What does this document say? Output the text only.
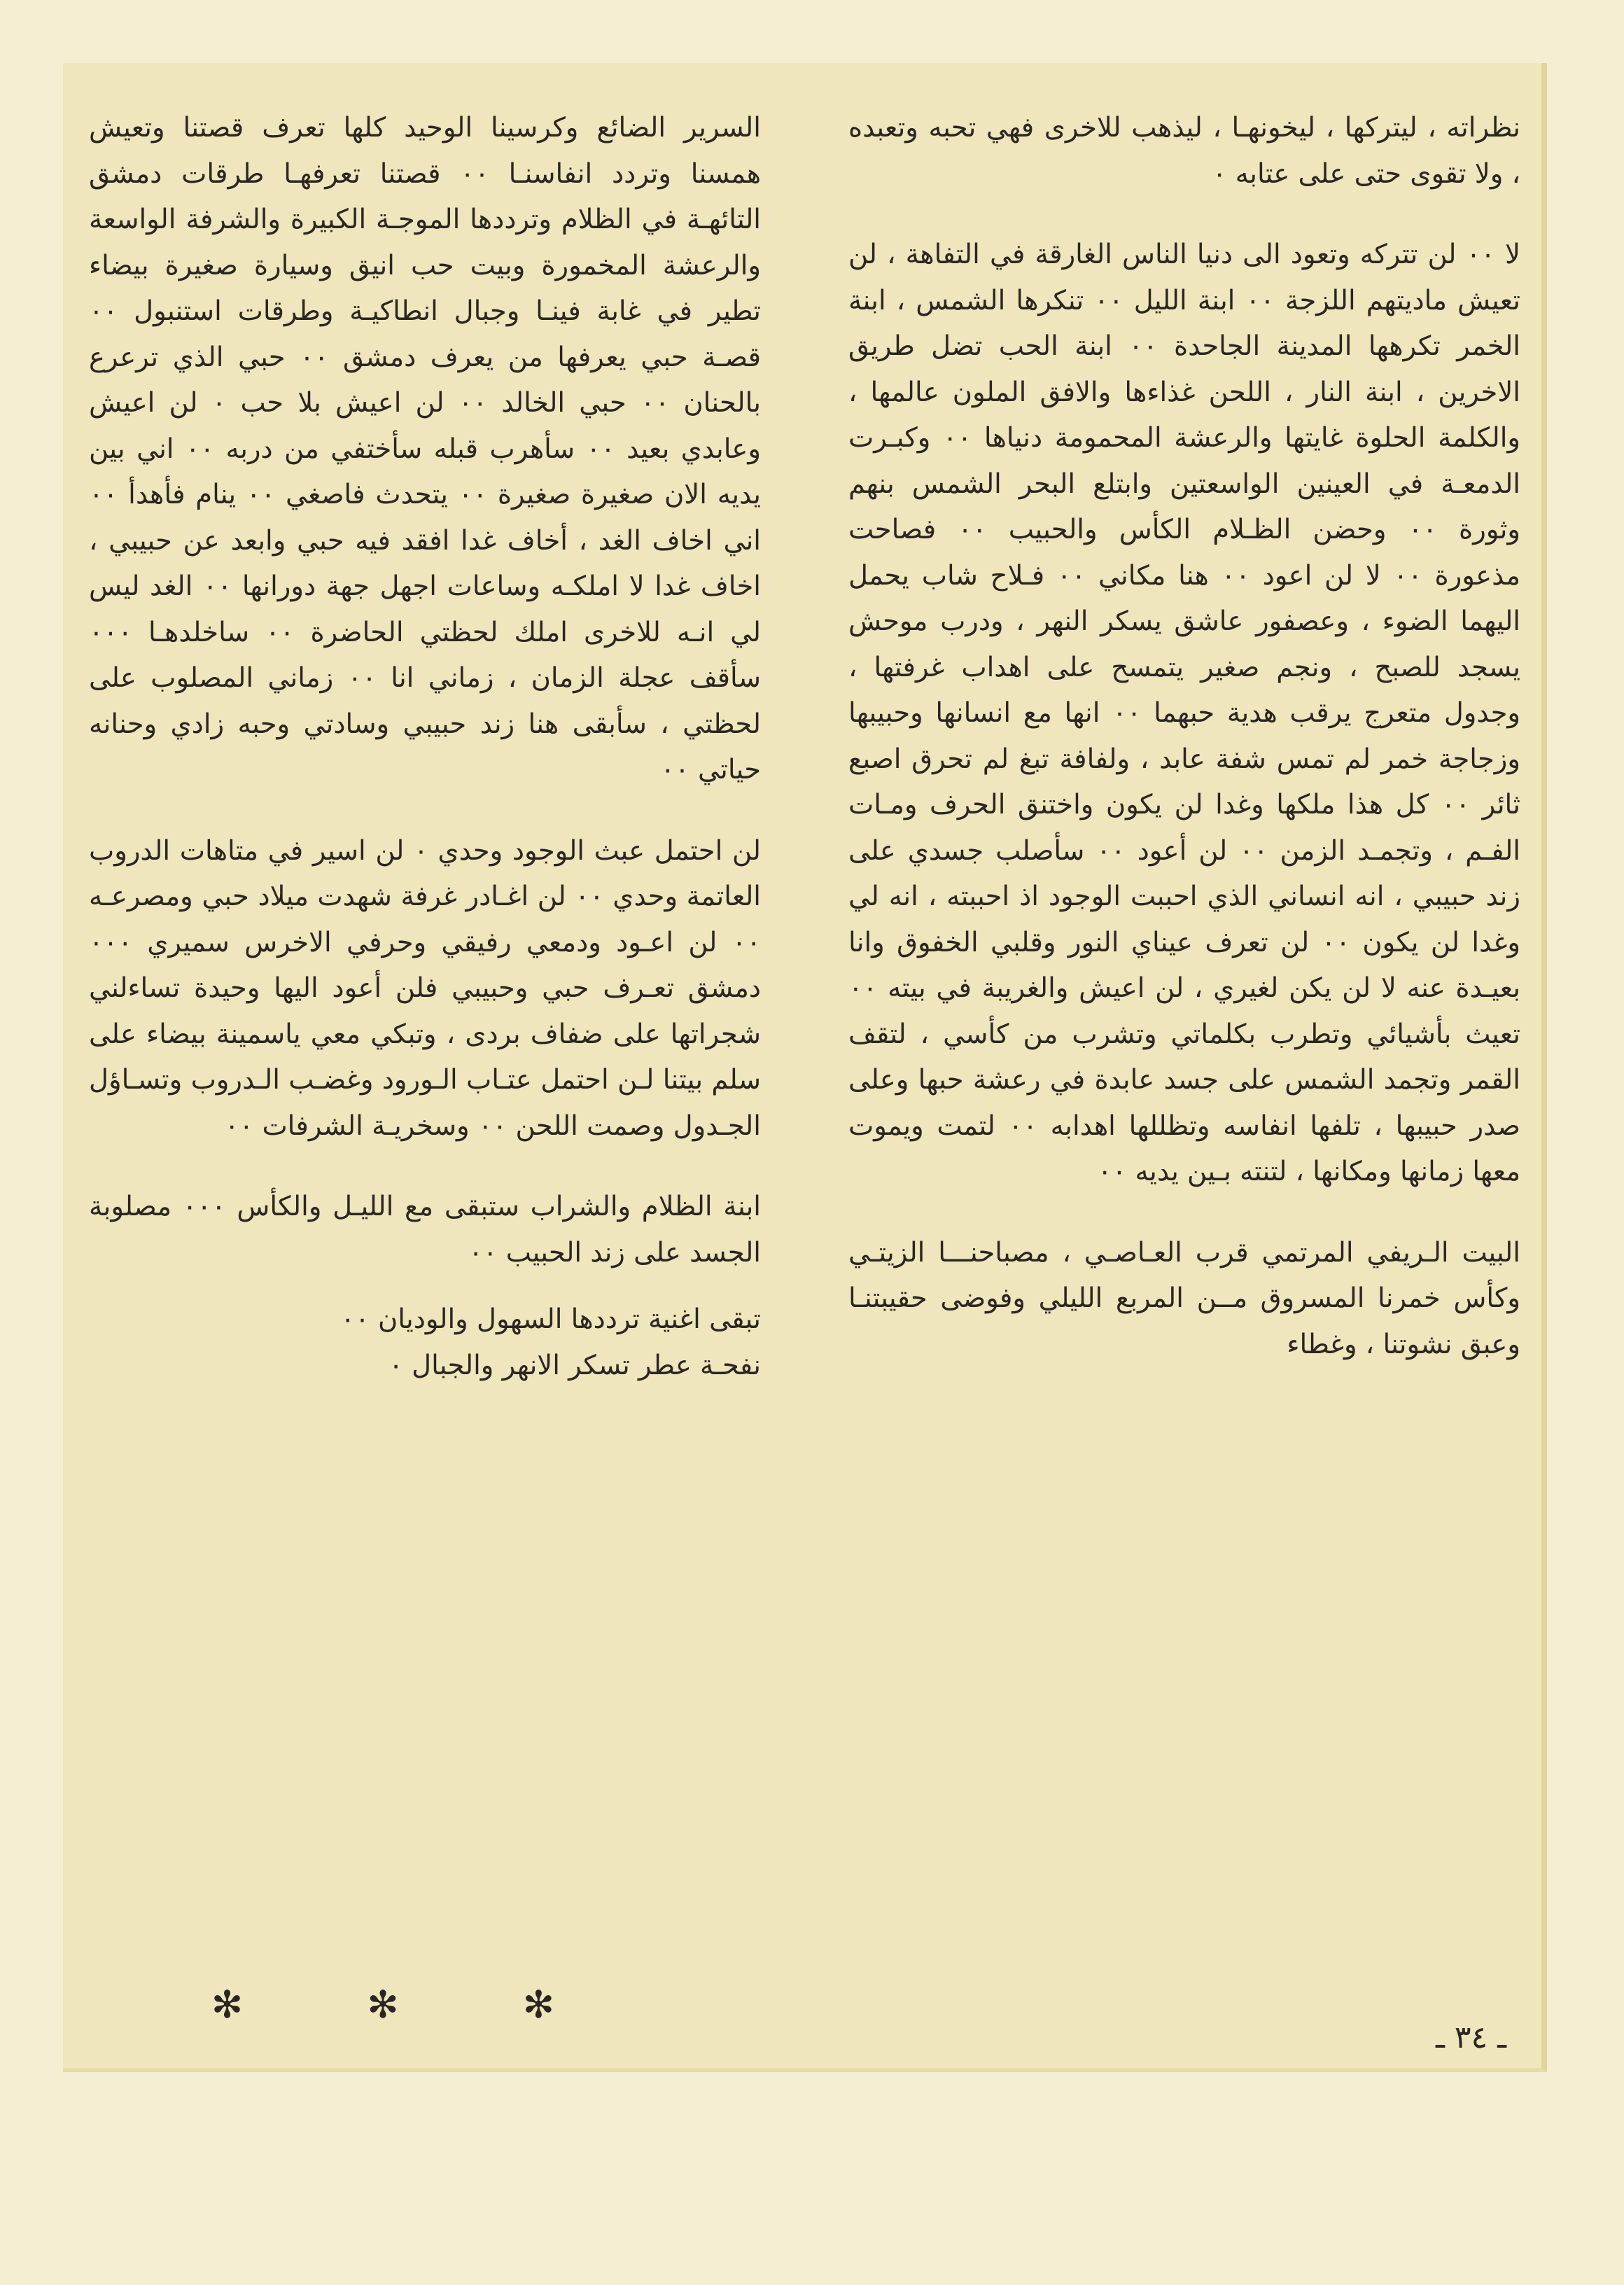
نظراته ، ليتركها ، ليخونهـا ، ليذهب للاخرى فهي تحبه وتعبده ، ولا تقوى حتى على عتابه ٠

لا ٠٠ لن تتركه وتعود الى دنيا الناس الغارقة في التفاهة ، لن تعيش ماديتهم اللزجة ٠٠ ابنة الليل ٠٠ تنكرها الشمس ، ابنة الخمر تكرهها المدينة الجاحدة ٠٠ ابنة الحب تضل طريق الاخرين ، ابنة النار ، اللحن غذاءها والافق الملون عالمها ، والكلمة الحلوة غايتها والرعشة المحمومة دنياها ٠٠ وكبـرت الدمعـة في العينين الواسعتين وابتلع البحر الشمس بنهم وثورة ٠٠ وحضن الظـلام الكأس والحبيب ٠٠ فصاحت مذعورة ٠٠ لا لن اعود ٠٠ هنا مكاني ٠٠ فـلاح شاب يحمل اليهما الضوء ، وعصفور عاشق يسكر النهر ، ودرب موحش يسجد للصبح ، ونجم صغير يتمسح على اهداب غرفتها ، وجدول متعرج يرقب هدية حبهما ٠٠ انها مع انسانها وحبيبها وزجاجة خمر لم تمس شفة عابد ، ولفافة تبغ لم تحرق اصبع ثائر ٠٠ كل هذا ملكها وغدا لن يكون واختنق الحرف ومـات الفـم ، وتجمـد الزمن ٠٠ لن أعود ٠٠ سأصلب جسدي على زند حبيبي ، انه انساني الذي احببت الوجود اذ احببته ، انه لي وغدا لن يكون ٠٠ لن تعرف عيناي النور وقلبي الخفوق وانا بعيـدة عنه لا لن يكن لغيري ، لن اعيش والغريبة في بيته ٠٠ تعيث بأشيائي وتطرب بكلماتي وتشرب من كأسي ، لتقف القمر وتجمد الشمس على جسد عابدة في رعشة حبها وعلى صدر حبيبها ، تلفها انفاسه وتظللها اهدابه ٠٠ لتمت ويموت معها زمانها ومكانها ، لتنته بـين يديه ٠٠

البيت الـريفي المرتمي قرب العـاصـي ، مصباحنـــا الزيتـي وكأس خمرنا المسروق مــن المربع الليلي وفوضى حقيبتنـا وعبق نشوتنا ، وغطاء

السرير الضائع وكرسينا الوحيد كلها تعرف قصتنا وتعيش همسنا وتردد انفاسنـا ٠٠ قصتنا تعرفهـا طرقات دمشق التائهـة في الظلام وترددها الموجـة الكبيرة والشرفة الواسعة والرعشة المخمورة وبيت حب انيق وسيارة صغيرة بيضاء تطير في غابة فينـا وجبال انطاكيـة وطرقات استنبول ٠٠ قصـة حبي يعرفها من يعرف دمشق ٠٠ حبي الذي ترعرع بالحنان ٠٠ حبي الخالد ٠٠ لن اعيش بلا حب ٠ لن اعيش وعابدي بعيد ٠٠ سأهرب قبله سأختفي من دربه ٠٠ اني بين يديه الان صغيرة صغيرة ٠٠ يتحدث فاصغي ٠٠ ينام فأهدأ ٠٠ اني اخاف الغد ، أخاف غدا افقد فيه حبي وابعد عن حبيبي ، اخاف غدا لا املكـه وساعات اجهل جهة دورانها ٠٠ الغد ليس لي انـه للاخرى املك لحظتي الحاضرة ٠٠ ساخلدهـا ٠٠٠ سأقف عجلة الزمان ، زماني انا ٠٠ زماني المصلوب على لحظتي ، سأبقى هنا زند حبيبي وسادتي وحبه زادي وحنانه حياتي ٠٠

لن احتمل عبث الوجود وحدي ٠ لن اسير في متاهات الدروب العاتمة وحدي ٠٠ لن اغـادر غرفة شهدت ميلاد حبي ومصرعـه ٠٠ لن اعـود ودمعي رفيقي وحرفي الاخرس سميري ٠٠٠ دمشق تعـرف حبي وحبيبي فلن أعود اليها وحيدة تساءلني شجراتها على ضفاف بردى ، وتبكي معي ياسمينة بيضاء على سلم بيتنا لـن احتمل عتـاب الـورود وغضـب الـدروب وتسـاؤل الجـدول وصمت اللحن ٠٠ وسخريـة الشرفات ٠٠

ابنة الظلام والشراب ستبقى مع الليـل والكأس ٠٠٠ مصلوبة الجسد على زند الحبيب ٠٠

تبقى اغنية ترددها السهول والوديان ٠٠

نفحـة عطر تسكر الانهر والجبال ٠

✻ ✻ ✻
ـ ٣٤ ـ
